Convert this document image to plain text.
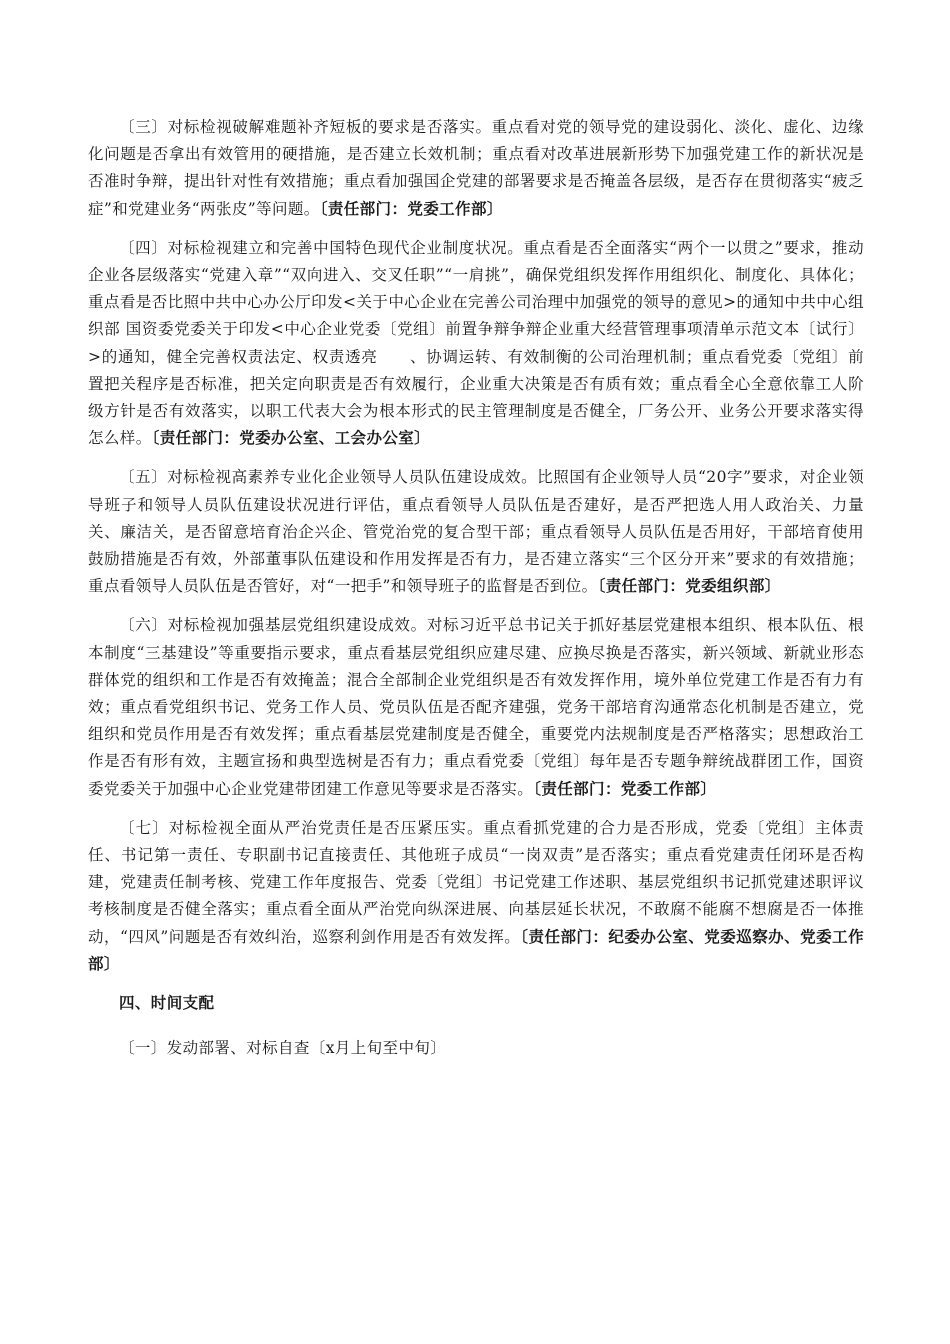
〔三〕对标检视破解难题补齐短板的要求是否落实。重点看对党的领导党的建设弱化、淡化、虚化、边缘化问题是否拿出有效管用的硬措施，是否建立长效机制；重点看对改革进展新形势下加强党建工作的新状况是否准时争辩，提出针对性有效措施；重点看加强国企党建的部署要求是否掩盖各层级，是否存在贯彻落实“疲乏症”和党建业务“两张皮”等问题。〔责任部门：党委工作部〕

〔四〕对标检视建立和完善中国特色现代企业制度状况。重点看是否全面落实“两个一以贯之”要求，推动企业各层级落实“党建入章”“双向进入、交叉任职”“一肩挑”，确保党组织发挥作用组织化、制度化、具体化；重点看是否比照中共中心办公厅印发<关于中心企业在完善公司治理中加强党的领导的意见>的通知中共中心组织部 国资委党委关于印发<中心企业党委〔党组〕前置争辩争辩企业重大经营管理事项清单示范文本〔试行〕>的通知，健全完善权责法定、权责透亮　　、协调运转、有效制衡的公司治理机制；重点看党委〔党组〕前置把关程序是否标准，把关定向职责是否有效履行，企业重大决策是否有质有效；重点看全心全意依靠工人阶级方针是否有效落实，以职工代表大会为根本形式的民主管理制度是否健全，厂务公开、业务公开要求落实得怎么样。〔责任部门：党委办公室、工会办公室〕

〔五〕对标检视高素养专业化企业领导人员队伍建设成效。比照国有企业领导人员“20字”要求，对企业领导班子和领导人员队伍建设状况进行评估，重点看领导人员队伍是否建好，是否严把选人用人政治关、力量关、廉洁关，是否留意培育治企兴企、管党治党的复合型干部；重点看领导人员队伍是否用好，干部培育使用鼓励措施是否有效，外部董事队伍建设和作用发挥是否有力，是否建立落实“三个区分开来”要求的有效措施；重点看领导人员队伍是否管好，对“一把手”和领导班子的监督是否到位。〔责任部门：党委组织部〕

〔六〕对标检视加强基层党组织建设成效。对标习近平总书记关于抓好基层党建根本组织、根本队伍、根本制度“三基建设”等重要指示要求，重点看基层党组织应建尽建、应换尽换是否落实，新兴领域、新就业形态群体党的组织和工作是否有效掩盖；混合全部制企业党组织是否有效发挥作用，境外单位党建工作是否有力有效；重点看党组织书记、党务工作人员、党员队伍是否配齐建强，党务干部培育沟通常态化机制是否建立，党组织和党员作用是否有效发挥；重点看基层党建制度是否健全，重要党内法规制度是否严格落实；思想政治工作是否有形有效，主题宣扬和典型选树是否有力；重点看党委〔党组〕每年是否专题争辩统战群团工作，国资委党委关于加强中心企业党建带团建工作意见等要求是否落实。〔责任部门：党委工作部〕

〔七〕对标检视全面从严治党责任是否压紧压实。重点看抓党建的合力是否形成，党委〔党组〕主体责任、书记第一责任、专职副书记直接责任、其他班子成员“一岗双责”是否落实；重点看党建责任闭环是否构建，党建责任制考核、党建工作年度报告、党委〔党组〕书记党建工作述职、基层党组织书记抓党建述职评议考核制度是否健全落实；重点看全面从严治党向纵深进展、向基层延长状况，不敢腐不能腐不想腐是否一体推动，“四风”问题是否有效纠治，巡察利剑作用是否有效发挥。〔责任部门：纪委办公室、党委巡察办、党委工作部〕

四、时间支配

〔一〕发动部署、对标自查〔x月上旬至中旬〕
